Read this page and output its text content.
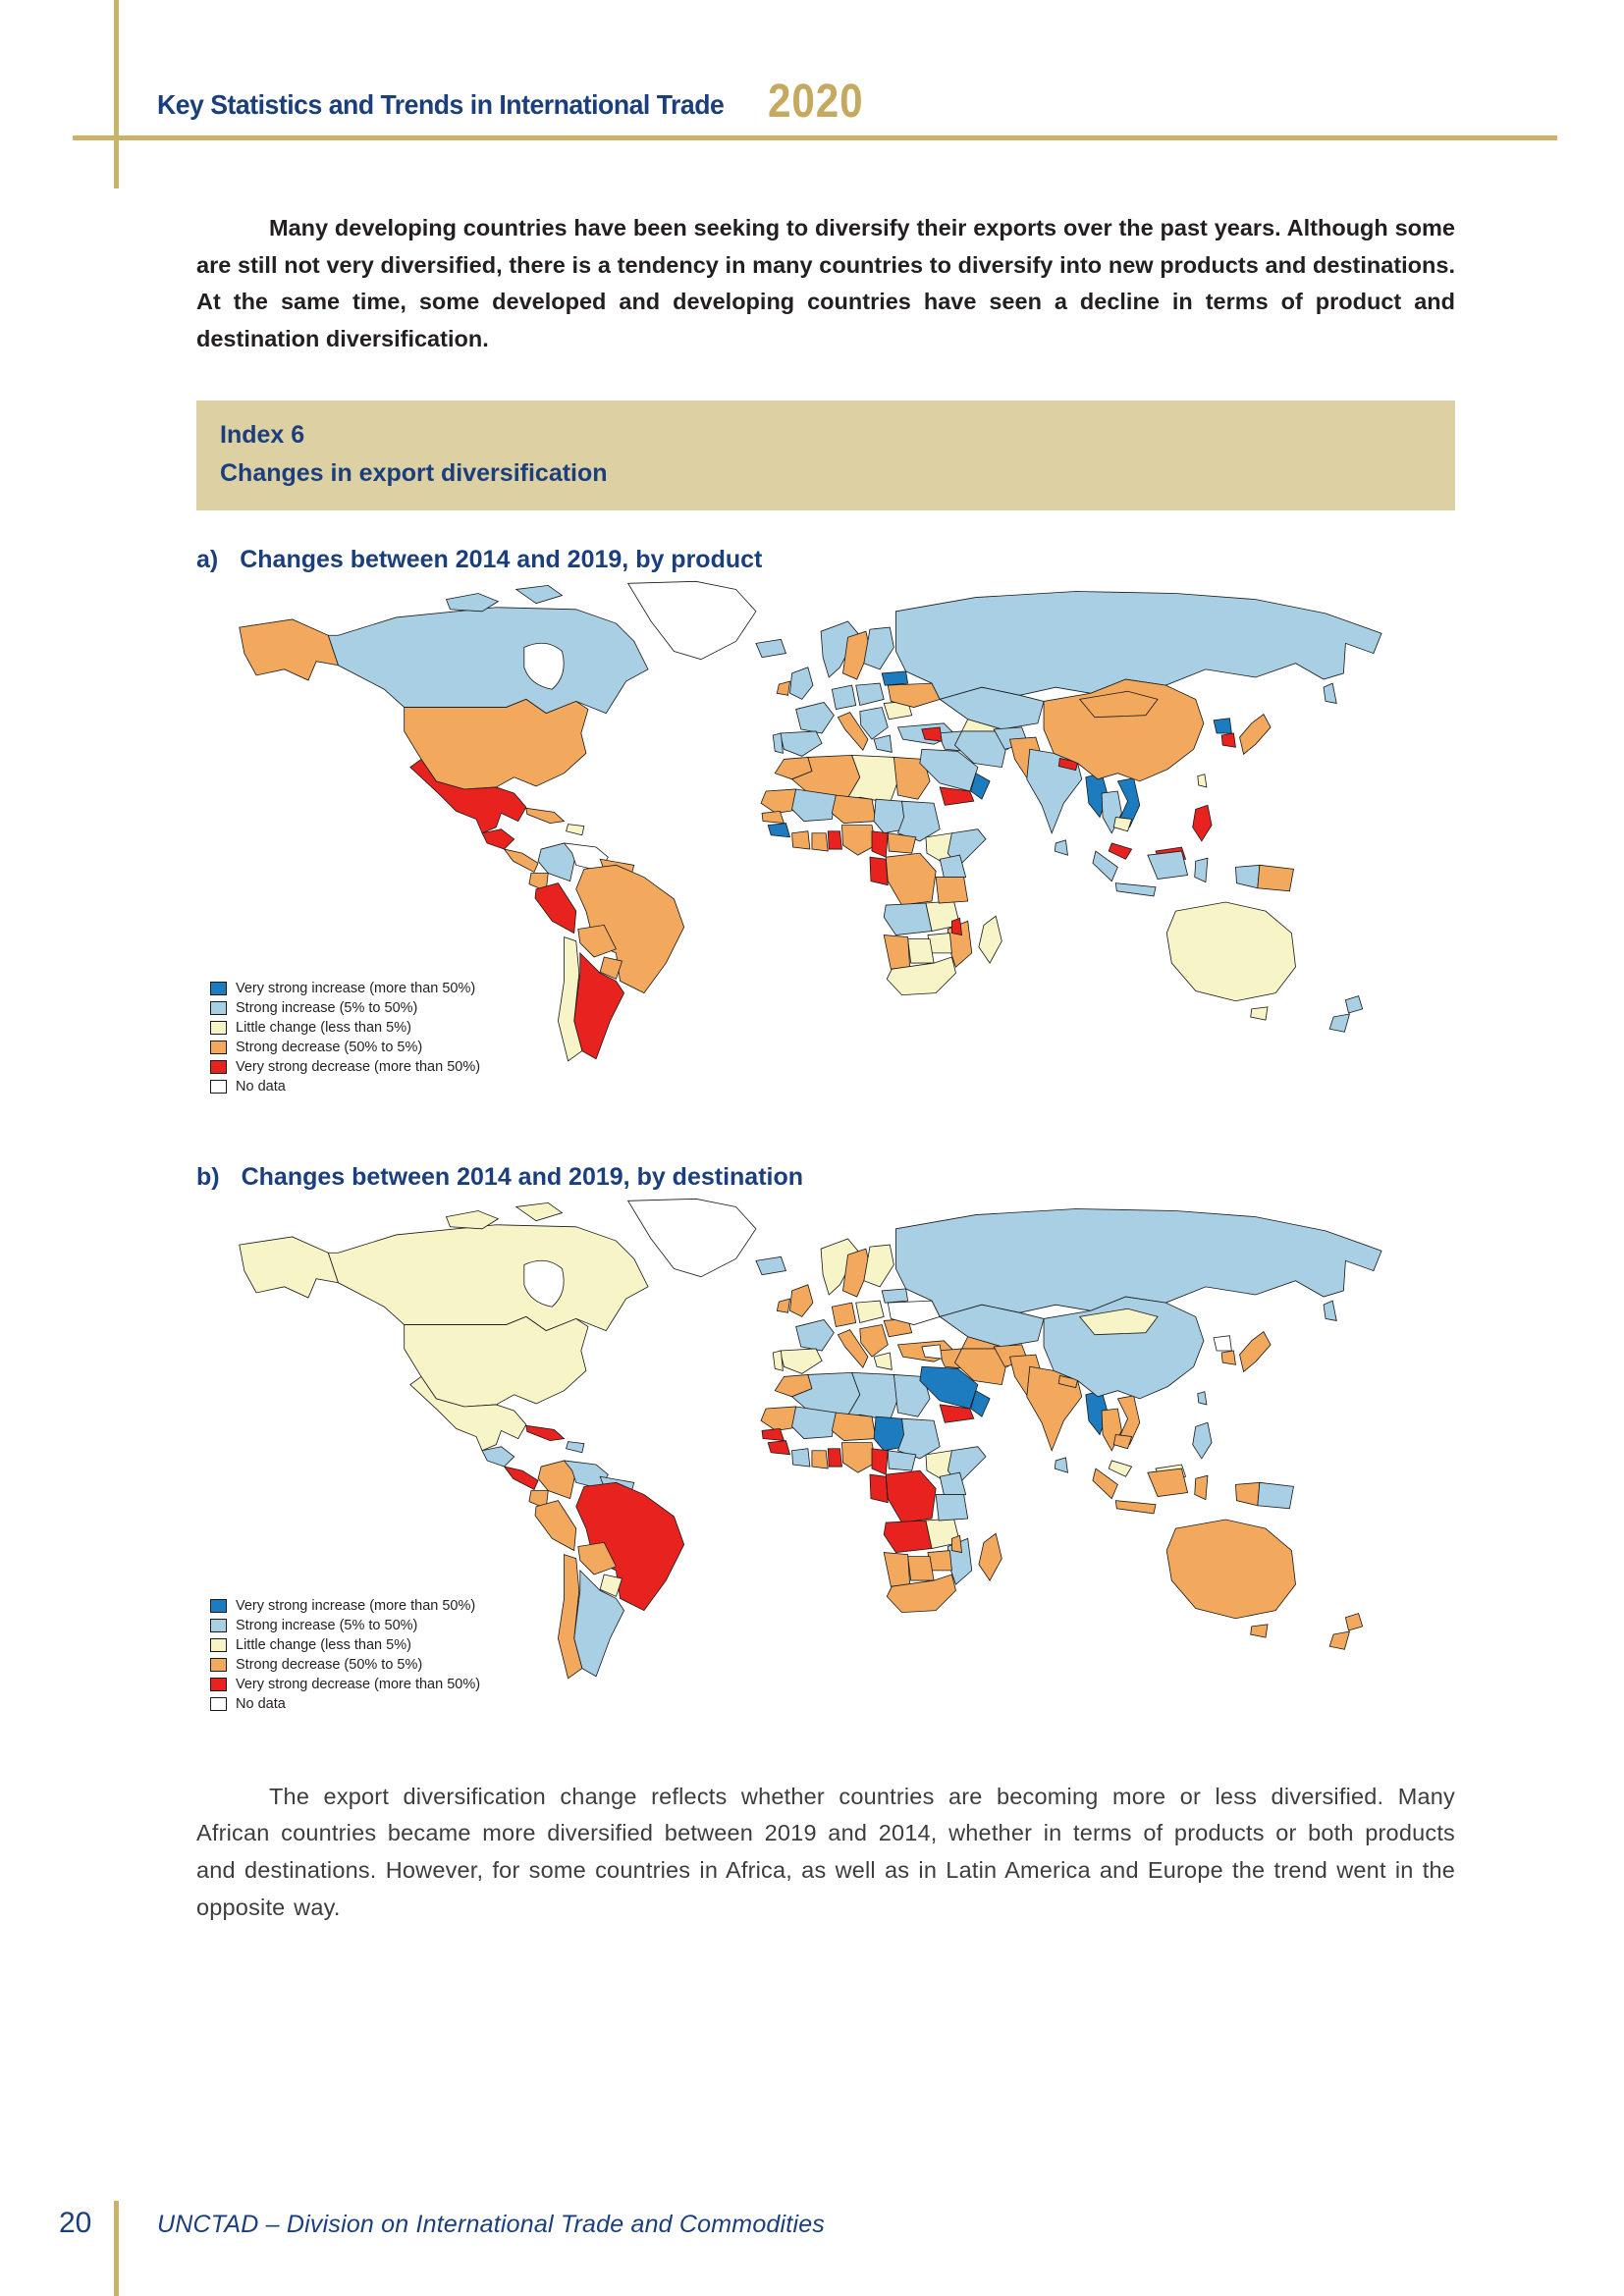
Key Statistics and Trends in International Trade 2020

Many developing countries have been seeking to diversify their exports over the past years. Although some are still not very diversified, there is a tendency in many countries to diversify into new products and destinations. At the same time, some developed and developing countries have seen a decline in terms of product and destination diversification.

Index 6
Changes in export diversification
a) Changes between 2014 and 2019, by product
Very strong increase (more than 50%)
Strong increase (5% to 50%)
Little change (less than 5%)
Strong decrease (50% to 5%)
Very strong decrease (more than 50%)
No data
b) Changes between 2014 and 2019, by destination
Very strong increase (more than 50%)
Strong increase (5% to 50%)
Little change (less than 5%)
Strong decrease (50% to 5%)
Very strong decrease (more than 50%)
No data

The export diversification change reflects whether countries are becoming more or less diversified. Many African countries became more diversified between 2019 and 2014, whether in terms of products or both products and destinations. However, for some countries in Africa, as well as in Latin America and Europe the trend went in the opposite way.

20	UNCTAD – Division on International Trade and Commodities
